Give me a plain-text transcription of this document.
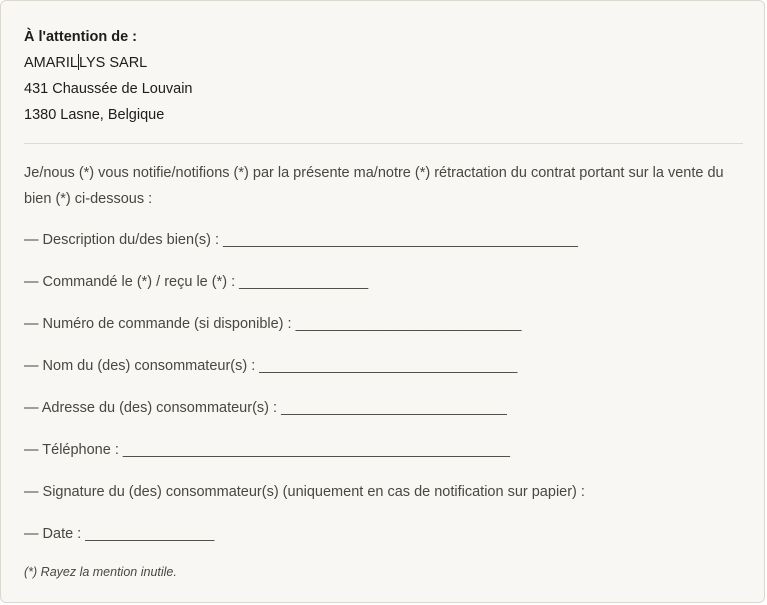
À l'attention de :
AMARILLYS SARL
431 Chaussée de Louvain
1380 Lasne, Belgique
Je/nous (*) vous notifie/notifions (*) par la présente ma/notre (*) rétractation du contrat portant sur la vente du bien (*) ci-dessous :
— Description du/des bien(s) : ____________________________________________
— Commandé le (*) / reçu le (*) : ________________
— Numéro de commande (si disponible) : ____________________________
— Nom du (des) consommateur(s) : ________________________________
— Adresse du (des) consommateur(s) : ____________________________
— Téléphone : ________________________________________________
— Signature du (des) consommateur(s) (uniquement en cas de notification sur papier) :
— Date : ________________
(*) Rayez la mention inutile.
